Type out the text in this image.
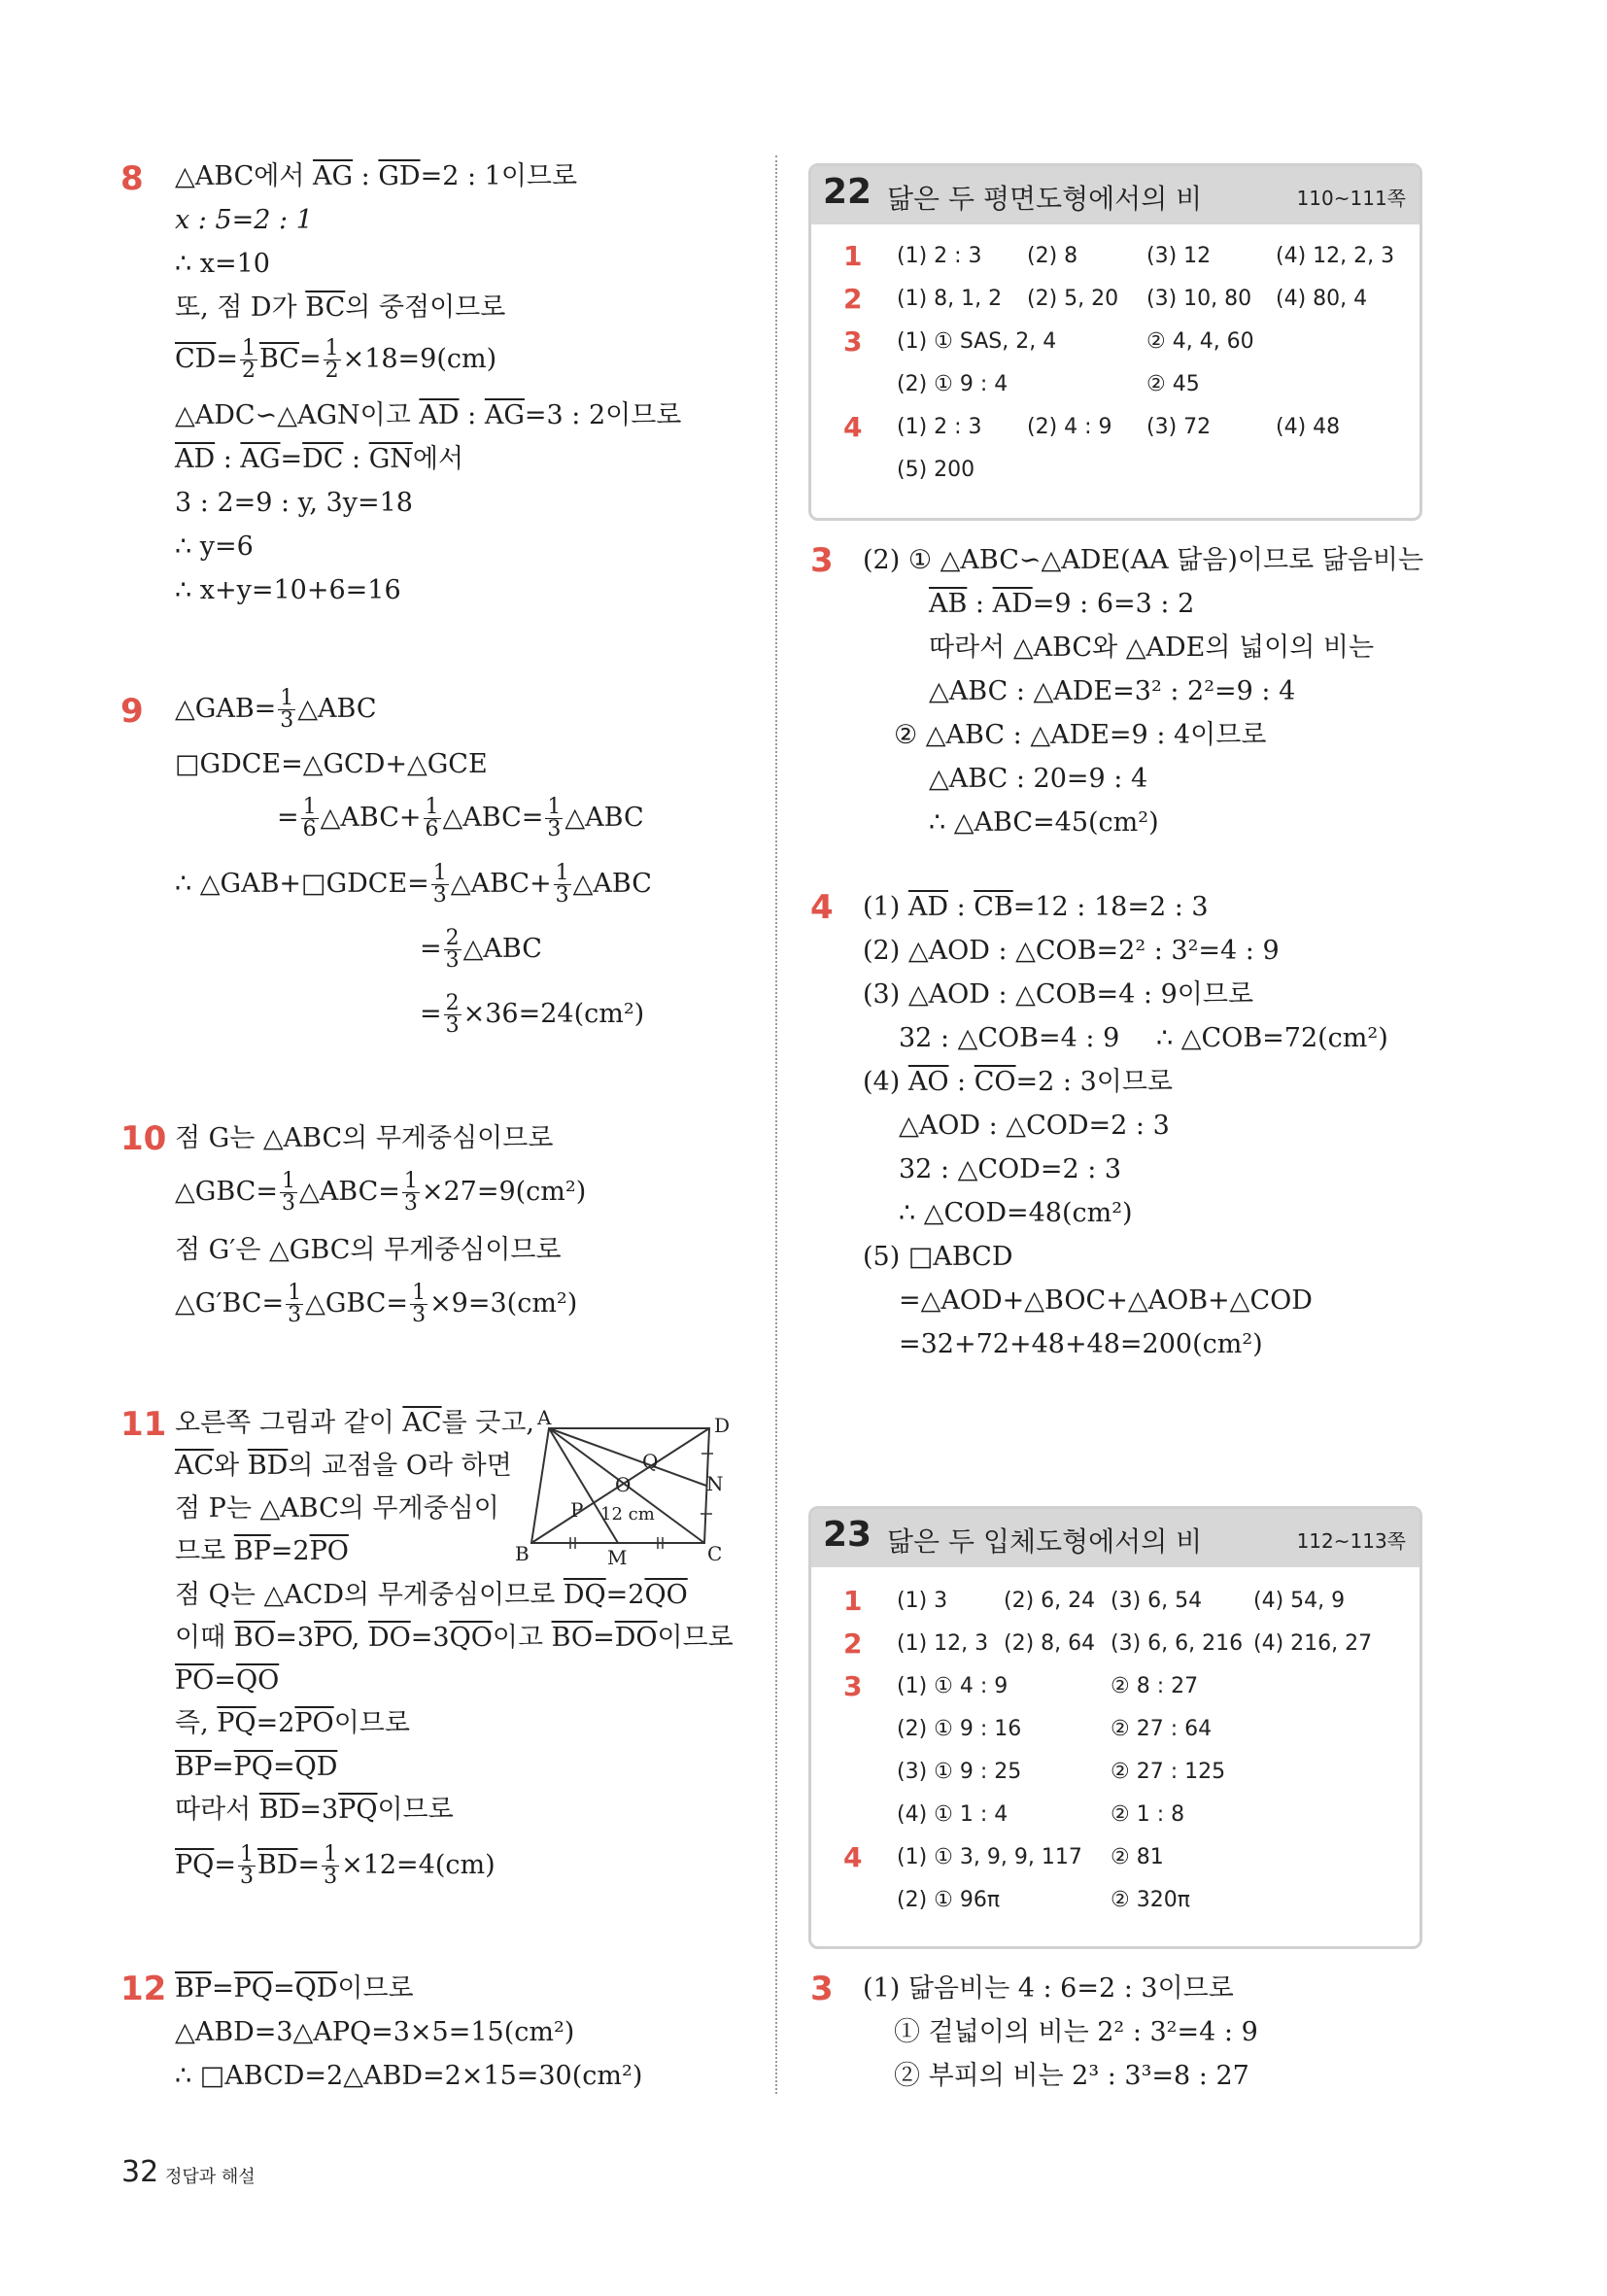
8 △ABC에서 $\overline{AG}$ : $\overline{GD}=2$ : 1이므로
x : 5=2 : 1
∴ x=10
또, 점 D가 $\overline{BC}$의 중점이므로
$\overline{CD}= \frac{1}{2} \overline{BC}= \frac{1}{2} \times 18=9(cm)$
△ADC∽△AGN이고 $\overline{AD}$ : $\overline{AG}=3$ : 2이므로
$\overline{AD}$ : $\overline{AG}=\overline{DC}$ : $\overline{GN}$에서
3 : 2=9 : y, 3y=18
∴ y=6
∴ x+y=10+6=16
9 △GAB= $\frac{1}{3}$ △ABC
□GDCE=△GCD+△GCE
= $\frac{1}{6}$ △ABC+ $\frac{1}{6}$ △ABC= $\frac{1}{3}$ △ABC
∴ △GAB+□GDCE= $\frac{1}{3}$ △ABC+ $\frac{1}{3}$ △ABC
= $\frac{2}{3}$ △ABC
= $\frac{2}{3} \times 36=24(cm^2)$
10 점 G는 △ABC의 무게중심이므로
△GBC= $\frac{1}{3}$ △ABC= $\frac{1}{3} \times 27=9(cm^2)$
점 G′은 △GBC의 무게중심이므로
△G′BC= $\frac{1}{3}$ △GBC= $\frac{1}{3} \times 9=3(cm^2)$
11 오른쪽 그림과 같이 $\overline{AC}$를 긋고,
$\overline{AC}$와 $\overline{BD}$의 교점을 O라 하면
점 P는 △ABC의 무게중심이
므로 $\overline{BP}=2\overline{PO}$
점 Q는 △ACD의 무게중심이므로 $\overline{DQ}=2\overline{QO}$
이때 $\overline{BO}=3\overline{PO}$, $\overline{DO}=3\overline{QO}$이고 $\overline{BO}=\overline{DO}$이므로
$\overline{PO}=\overline{QO}$
즉, $\overline{PQ}=2\overline{PO}$이므로
$\overline{BP}=\overline{PQ}=\overline{QD}$
따라서 $\overline{BD}=3\overline{PQ}$이므로
$\overline{PQ}= \frac{1}{3} \overline{BD}= \frac{1}{3} \times 12=4(cm)$
A	D
B	C
O
P
Q
M
N
12 cm
12 $\overline{BP}=\overline{PQ}=\overline{QD}$이므로
△ABD=3△APQ=3×5=15(cm²)
∴ □ABCD=2△ABD=2×15=30(cm²)
22 닮은 두 평면도형에서의 비	110~111쪽
1 (1) 2 : 3 (2) 8	(3) 12	(4) 12, 2, 3
2 (1) 8, 1, 2 (2) 5, 20 (3) 10, 80 (4) 80, 4
3 (1) ① SAS, 2, 4	② 4, 4, 60
(2) ① 9 : 4	② 45
4 (1) 2 : 3 (2) 4 : 9 (3) 72	(4) 48
(5) 200
3 (2) ① △ABC∽△ADE(AA 닮음)이므로 닮음비는
$\overline{AB}$ : $\overline{AD}=9$ : 6=3 : 2
따라서 △ABC와 △ADE의 넓이의 비는
△ABC : △ADE=3² : 2²=9 : 4
② △ABC : △ADE=9 : 4이므로
△ABC : 20=9 : 4
∴ △ABC=45(cm²)
4 (1) $\overline{AD}$ : $\overline{CB}=12$ : 18=2 : 3
(2) △AOD : △COB=2² : 3²=4 : 9
(3) △AOD : △COB=4 : 9이므로
32 : △COB=4 : 9 ∴ △COB=72(cm²)
(4) $\overline{AO}$ : $\overline{CO}=2$ : 3이므로
△AOD : △COD=2 : 3
32 : △COD=2 : 3
∴ △COD=48(cm²)
(5) □ABCD
=△AOD+△BOC+△AOB+△COD
=32+72+48+48=200(cm²)
23 닮은 두 입체도형에서의 비	112~113쪽
1 (1) 3	(2) 6, 24 (3) 6, 54 (4) 54, 9
2 (1) 12, 3 (2) 8, 64 (3) 6, 6, 216 (4) 216, 27
3 (1) ① 4 : 9	② 8 : 27
(2) ① 9 : 16	② 27 : 64
(3) ① 9 : 25	② 27 : 125
(4) ① 1 : 4	② 1 : 8
4 (1) ① 3, 9, 9, 117 ② 81
(2) ① 96π	② 320π
3 (1) 닮음비는 4 : 6=2 : 3이므로
① 겉넓이의 비는 2² : 3²=4 : 9
② 부피의 비는 2³ : 3³=8 : 27
32 정답과 해설
